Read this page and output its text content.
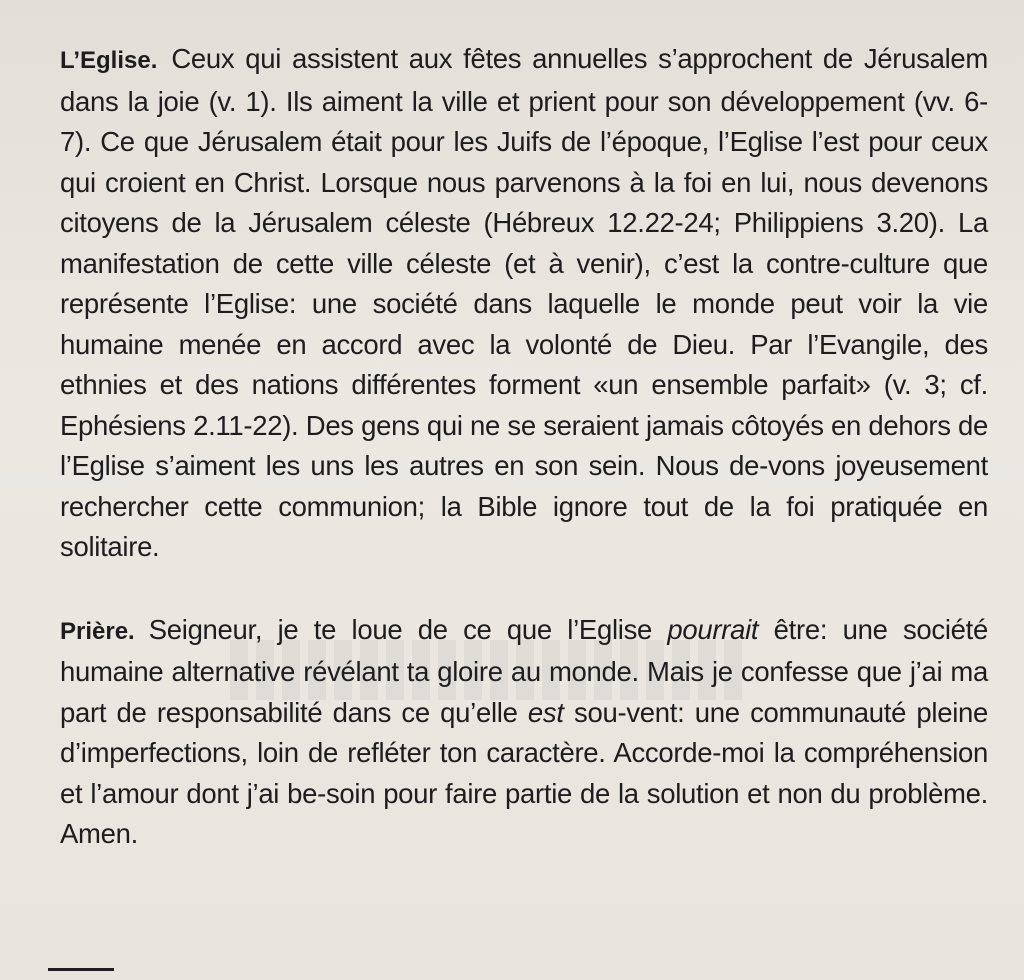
L’Eglise. Ceux qui assistent aux fêtes annuelles s’approchent de Jérusalem dans la joie (v. 1). Ils aiment la ville et prient pour son développement (vv. 6-7). Ce que Jérusalem était pour les Juifs de l’époque, l’Eglise l’est pour ceux qui croient en Christ. Lorsque nous parvenons à la foi en lui, nous devenons citoyens de la Jérusalem céleste (Hébreux 12.22-24; Philippiens 3.20). La manifestation de cette ville céleste (et à venir), c’est la contre-culture que représente l’Eglise: une société dans laquelle le monde peut voir la vie humaine menée en accord avec la volonté de Dieu. Par l’Evangile, des ethnies et des nations différentes forment «un ensemble parfait» (v. 3; cf. Ephésiens 2.11-22). Des gens qui ne se seraient jamais côtoyés en dehors de l’Eglise s’aiment les uns les autres en son sein. Nous de-vons joyeusement rechercher cette communion; la Bible ignore tout de la foi pratiquée en solitaire.

Prière. Seigneur, je te loue de ce que l’Eglise pourrait être: une société humaine alternative révélant ta gloire au monde. Mais je confesse que j’ai ma part de responsabilité dans ce qu’elle est sou-vent: une communauté pleine d’imperfections, loin de refléter ton caractère. Accorde-moi la compréhension et l’amour dont j’ai be-soin pour faire partie de la solution et non du problème. Amen.
